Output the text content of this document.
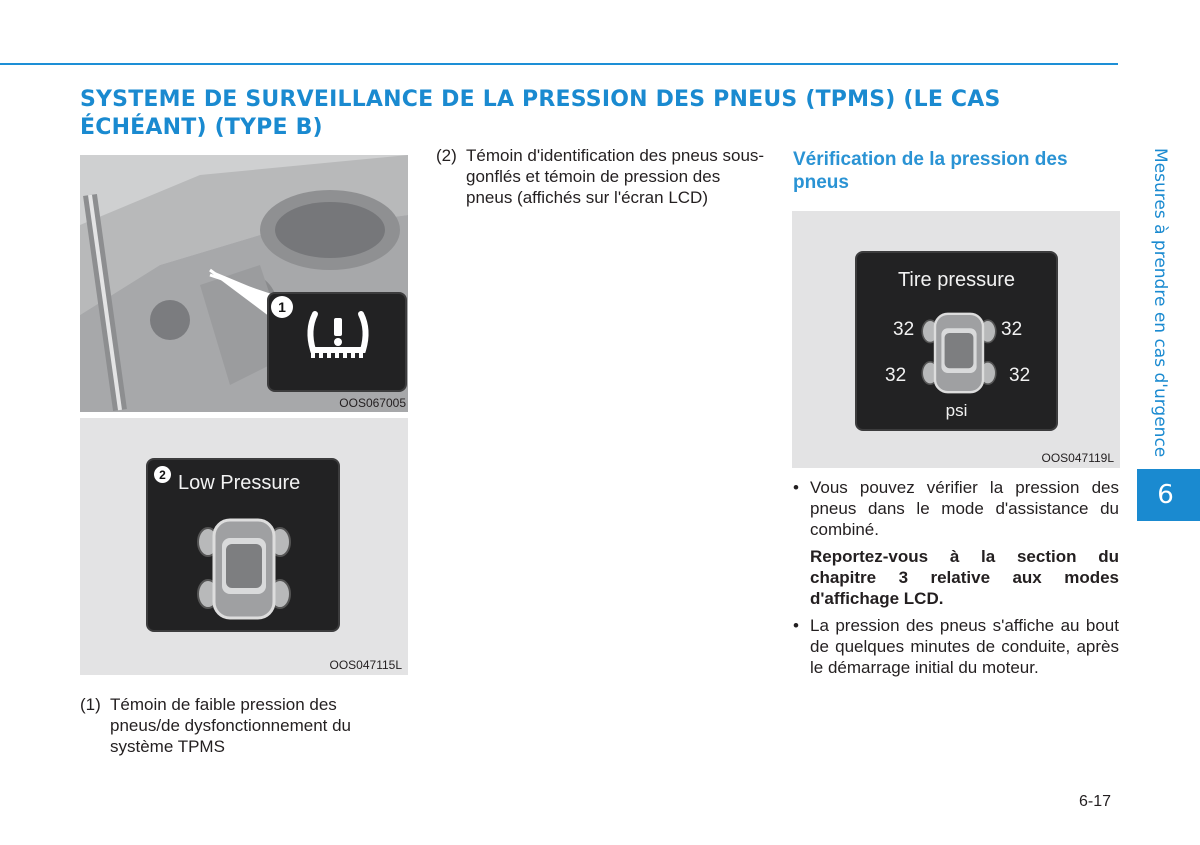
SYSTEME DE SURVEILLANCE DE LA PRESSION DES PNEUS (TPMS) (LE CAS ÉCHÉANT) (TYPE B)
Mesures à prendre en cas d'urgence
6
1
OOS067005
2 Low Pressure
OOS047115L
(1) Témoin de faible pression des pneus/de dysfonctionnement du système TPMS
(2) Témoin d'identification des pneus sous-gonflés et témoin de pression des pneus (affichés sur l'écran LCD)
Vérification de la pression des pneus
Tire pressure
32	32
32	32
psi
OOS047119L
• Vous pouvez vérifier la pression des pneus dans le mode d'assistance du combiné.
Reportez-vous à la section du chapitre 3 relative aux modes d'affichage LCD.
• La pression des pneus s'affiche au bout de quelques minutes de conduite, après le démarrage initial du moteur.
6-17
